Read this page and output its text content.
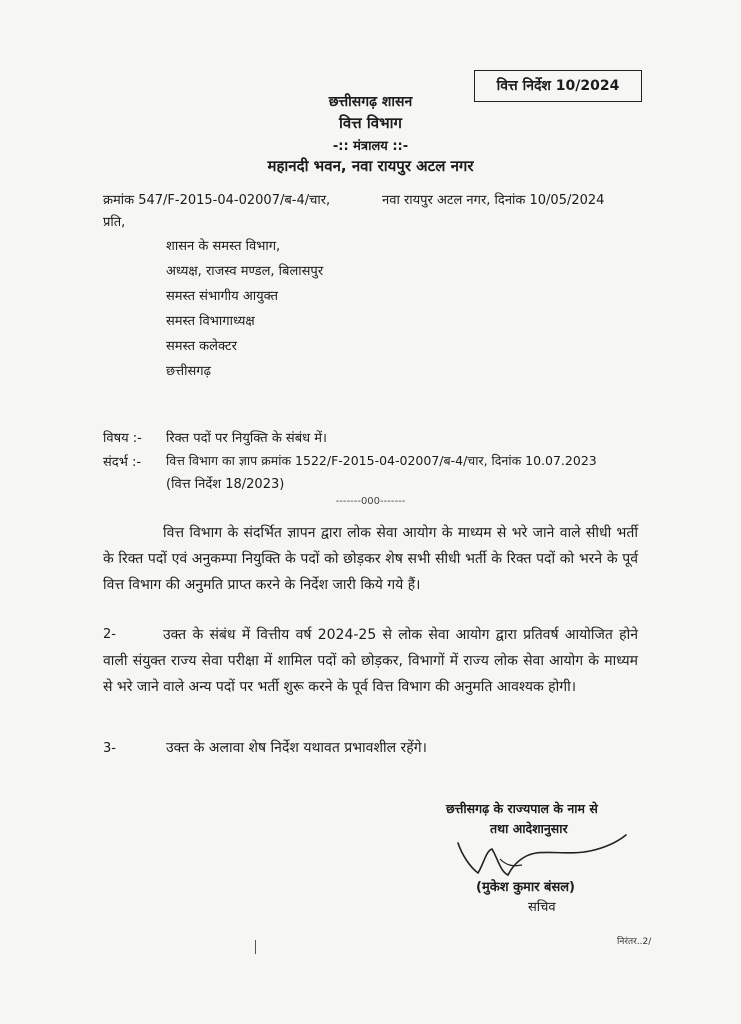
वित्त निर्देश 10/2024
छत्तीसगढ़ शासन
वित्त विभाग
-:: मंत्रालय ::-
महानदी भवन, नवा रायपुर अटल नगर
क्रमांक 547/F-2015-04-02007/ब-4/चार,	नवा रायपुर अटल नगर, दिनांक 10/05/2024
प्रति,
शासन के समस्त विभाग,
अध्यक्ष, राजस्व मण्डल, बिलासपुर
समस्त संभागीय आयुक्त
समस्त विभागाध्यक्ष
समस्त कलेक्टर
छत्तीसगढ़
विषय :- रिक्त पदों पर नियुक्ति के संबंध में।
संदर्भ :- वित्त विभाग का ज्ञाप क्रमांक 1522/F-2015-04-02007/ब-4/चार, दिनांक 10.07.2023
(वित्त निर्देश 18/2023)
-------000-------
वित्त विभाग के संदर्भित ज्ञापन द्वारा लोक सेवा आयोग के माध्यम से भरे जाने वाले सीधी भर्ती के रिक्त पदों एवं अनुकम्पा नियुक्ति के पदों को छोड़कर शेष सभी सीधी भर्ती के रिक्त पदों को भरने के पूर्व वित्त विभाग की अनुमति प्राप्त करने के निर्देश जारी किये गये हैं।
2-	उक्त के संबंध में वित्तीय वर्ष 2024-25 से लोक सेवा आयोग द्वारा प्रतिवर्ष आयोजित होने वाली संयुक्त राज्य सेवा परीक्षा में शामिल पदों को छोड़कर, विभागों में राज्य लोक सेवा आयोग के माध्यम से भरे जाने वाले अन्य पदों पर भर्ती शुरू करने के पूर्व वित्त विभाग की अनुमति आवश्यक होगी।
3-	उक्त के अलावा शेष निर्देश यथावत प्रभावशील रहेंगे।
छत्तीसगढ़ के राज्यपाल के नाम से
तथा आदेशानुसार
(मुकेश कुमार बंसल)
सचिव
निरंतर..2/
